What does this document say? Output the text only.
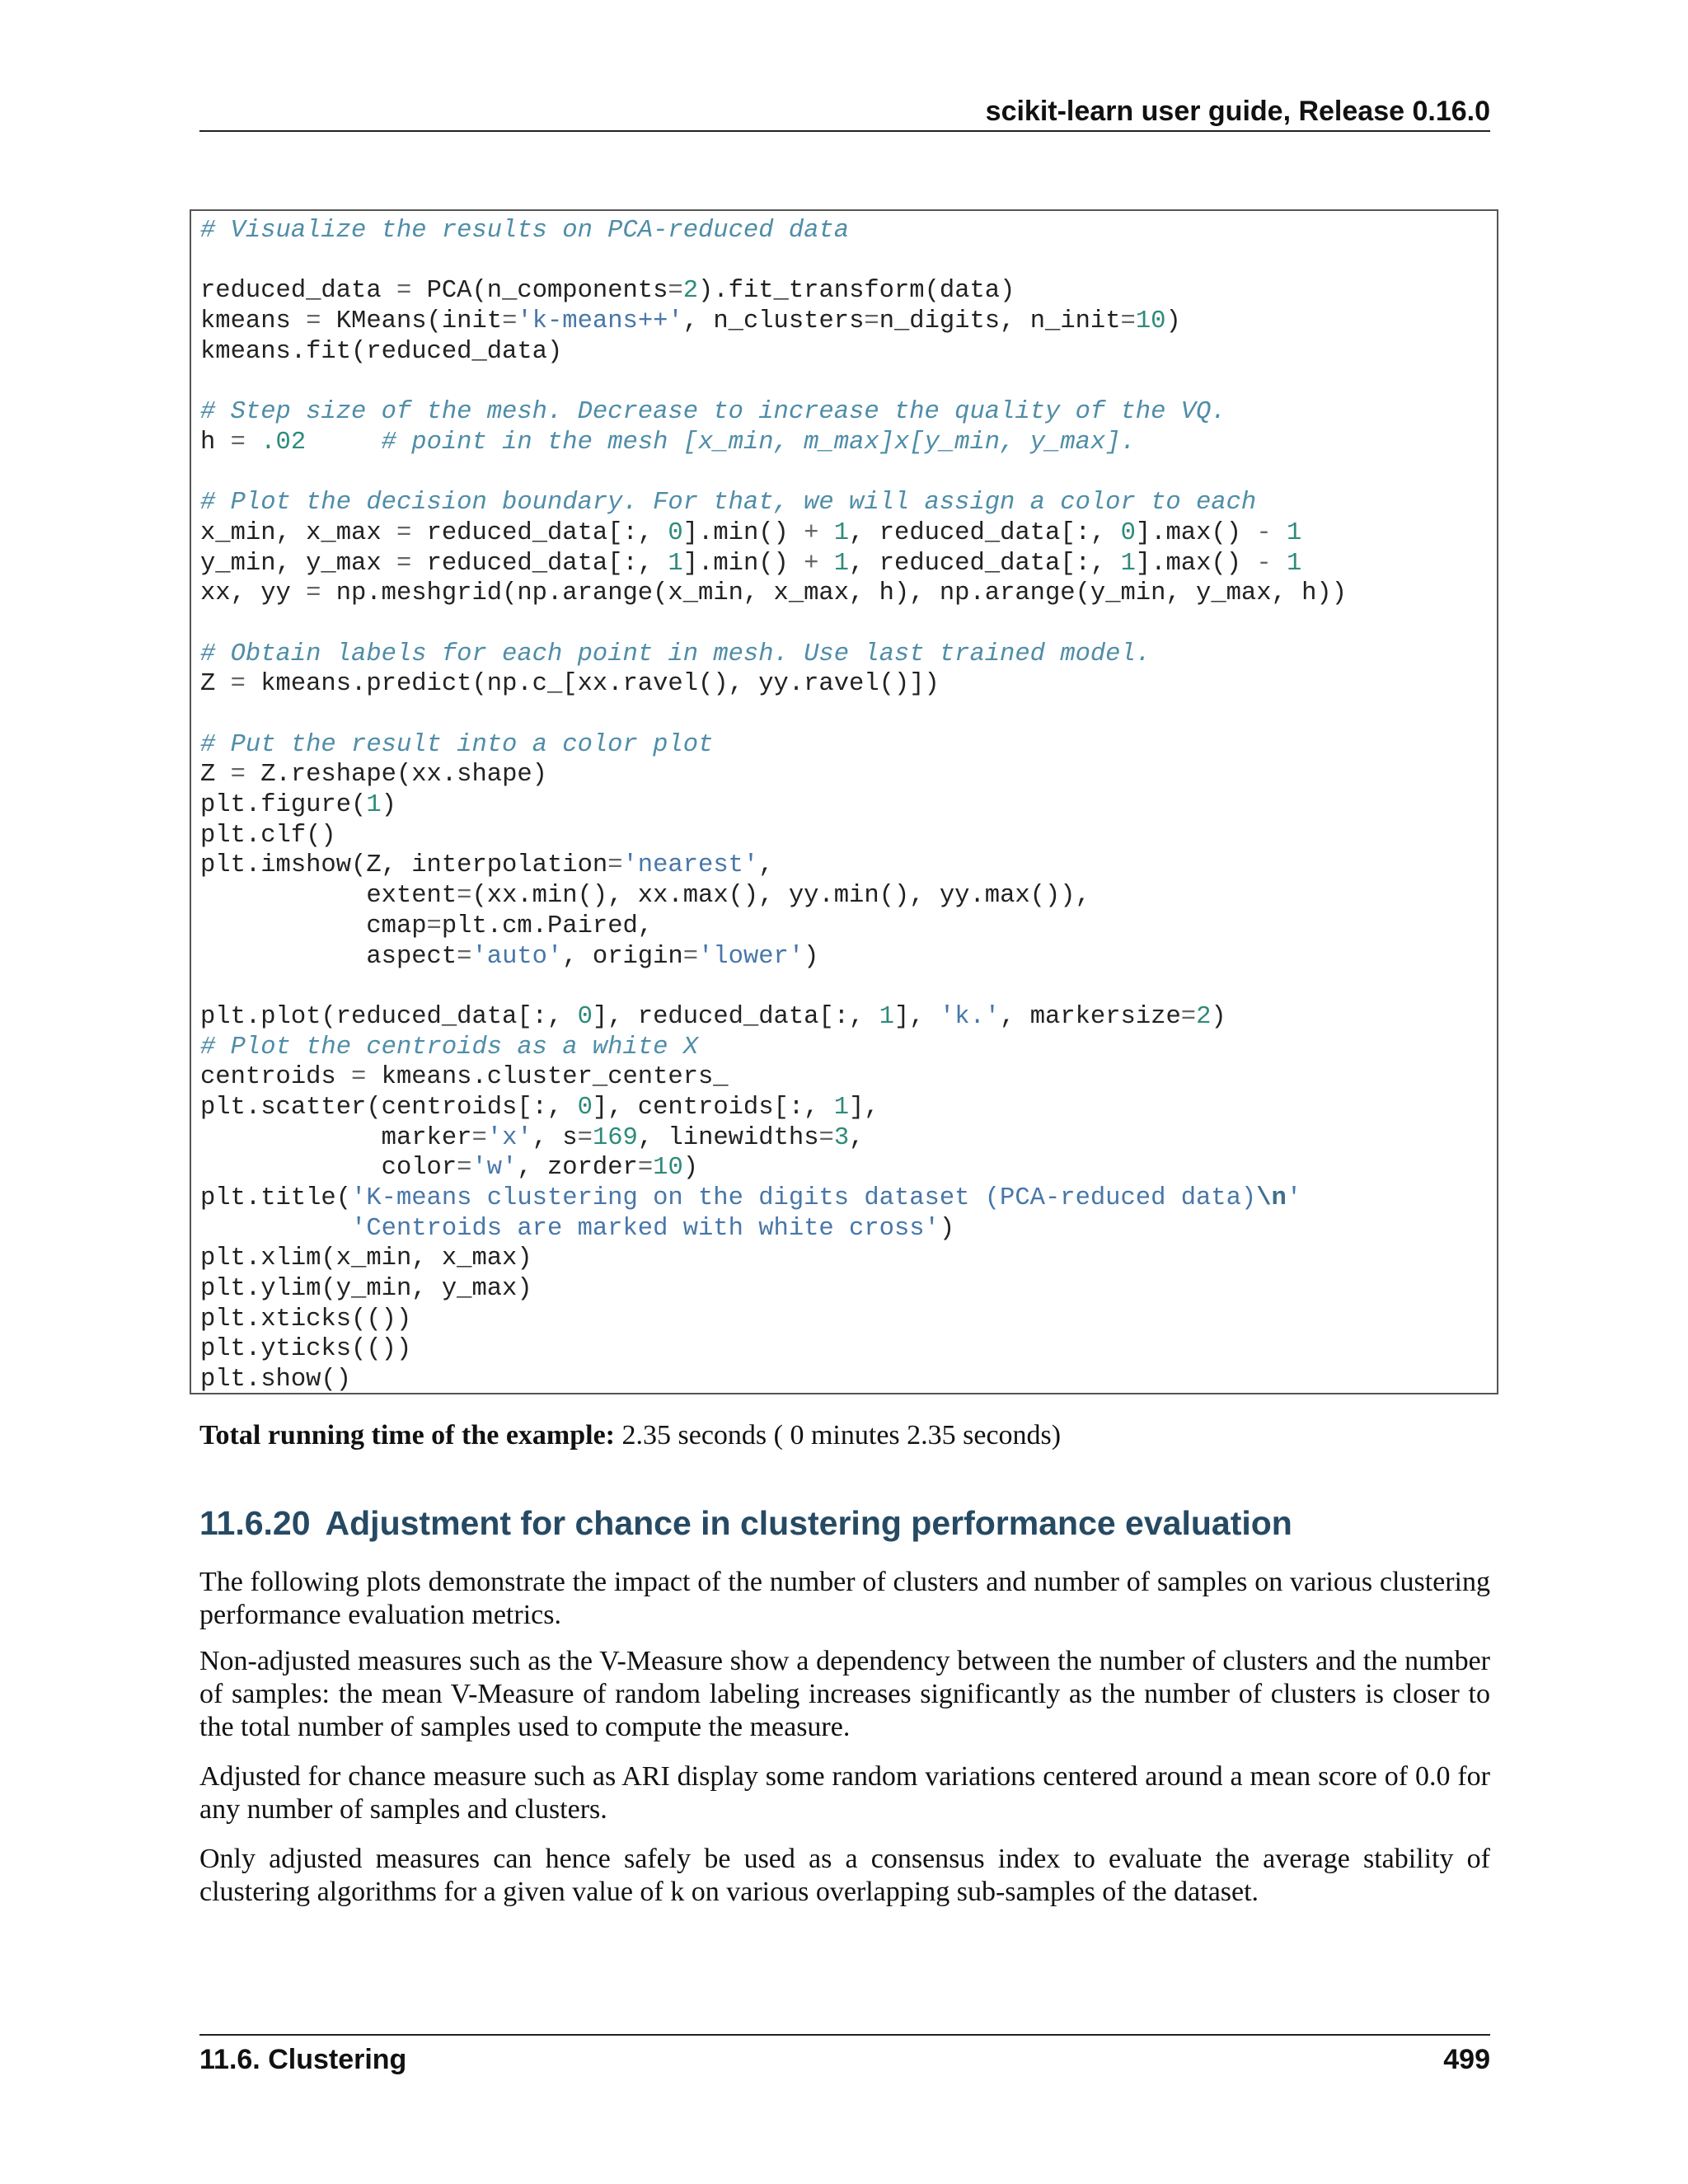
scikit-learn user guide, Release 0.16.0
# Visualize the results on PCA-reduced data

reduced_data = PCA(n_components=2).fit_transform(data)
kmeans = KMeans(init='k-means++', n_clusters=n_digits, n_init=10)
kmeans.fit(reduced_data)

# Step size of the mesh. Decrease to increase the quality of the VQ.
h = .02	# point in the mesh [x_min, m_max]x[y_min, y_max].

# Plot the decision boundary. For that, we will assign a color to each
x_min, x_max = reduced_data[:, 0].min() + 1, reduced_data[:, 0].max() - 1
y_min, y_max = reduced_data[:, 1].min() + 1, reduced_data[:, 1].max() - 1
xx, yy = np.meshgrid(np.arange(x_min, x_max, h), np.arange(y_min, y_max, h))

# Obtain labels for each point in mesh. Use last trained model.
Z = kmeans.predict(np.c_[xx.ravel(), yy.ravel()])

# Put the result into a color plot
Z = Z.reshape(xx.shape)
plt.figure(1)
plt.clf()
plt.imshow(Z, interpolation='nearest',
extent=(xx.min(), xx.max(), yy.min(), yy.max()),
cmap=plt.cm.Paired,
aspect='auto', origin='lower')

plt.plot(reduced_data[:, 0], reduced_data[:, 1], 'k.', markersize=2)
# Plot the centroids as a white X
centroids = kmeans.cluster_centers_
plt.scatter(centroids[:, 0], centroids[:, 1],
marker='x', s=169, linewidths=3,
color='w', zorder=10)
plt.title('K-means clustering on the digits dataset (PCA-reduced data)\n'
'Centroids are marked with white cross')
plt.xlim(x_min, x_max)
plt.ylim(y_min, y_max)
plt.xticks(())
plt.yticks(())
plt.show()
Total running time of the example: 2.35 seconds ( 0 minutes 2.35 seconds)
11.6.20 Adjustment for chance in clustering performance evaluation

The following plots demonstrate the impact of the number of clusters and number of samples on various clustering performance evaluation metrics.

Non-adjusted measures such as the V-Measure show a dependency between the number of clusters and the number of samples: the mean V-Measure of random labeling increases significantly as the number of clusters is closer to the total number of samples used to compute the measure.

Adjusted for chance measure such as ARI display some random variations centered around a mean score of 0.0 for any number of samples and clusters.

Only adjusted measures can hence safely be used as a consensus index to evaluate the average stability of clustering algorithms for a given value of k on various overlapping sub-samples of the dataset.

11.6. Clustering	499
